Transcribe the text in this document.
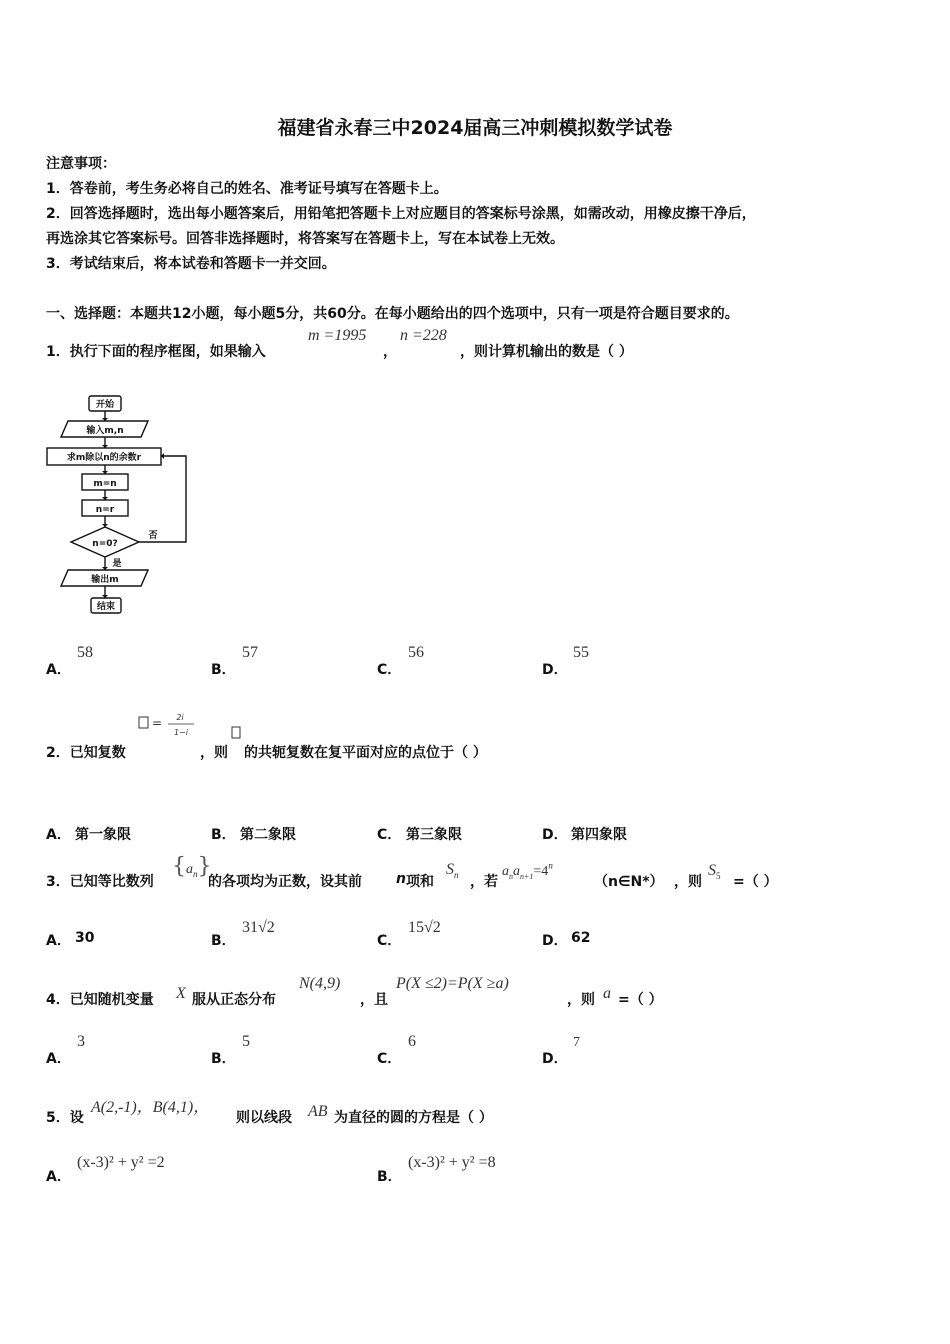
福建省永春三中2024届高三冲刺模拟数学试卷
注意事项：
1．答卷前，考生务必将自己的姓名、准考证号填写在答题卡上。
2．回答选择题时，选出每小题答案后，用铅笔把答题卡上对应题目的答案标号涂黑，如需改动，用橡皮擦干净后，
再选涂其它答案标号。回答非选择题时，将答案写在答题卡上，写在本试卷上无效。
3．考试结束后，将本试卷和答题卡一并交回。
一、选择题：本题共12小题，每小题5分，共60分。在每小题给出的四个选项中，只有一项是符合题目要求的。
1．执行下面的程序框图，如果输入
m =1995
，
n =228
，则计算机输出的数是（ ）
开始
输入m,n
求m除以n的余数r
m=n
n=r
n=0?
否
是
输出m
结束
A．
58
B．
57
C．
56
D．
55
2．已知复数
= 2i
1−i
，则 的共轭复数在复平面对应的点位于（ ）
A． 第一象限	B． 第二象限	C． 第三象限	D． 第四象限
3．已知等比数列
$\{a_n\}$
的各项均为正数，设其前 n 项和
$S_n$ ，若
$a_na_{n+1}=4^n$
（n∈N*） ，则
$S_5$ =（ ）
A． 30	B．
31√2
C．
15√2
D． 62
4．已知随机变量 X 服从正态分布
N(4,9)
，且
P(X ≤2)=P(X ≥a)
，则 a =（ ）
A．
3
B．
5
C．
6
D．
7
5．设
A(2,-1)，B(4,1)，
则以线段 AB 为直径的圆的方程是（ ）
A．
(x-3)² + y² =2
B．
(x-3)² + y² =8
